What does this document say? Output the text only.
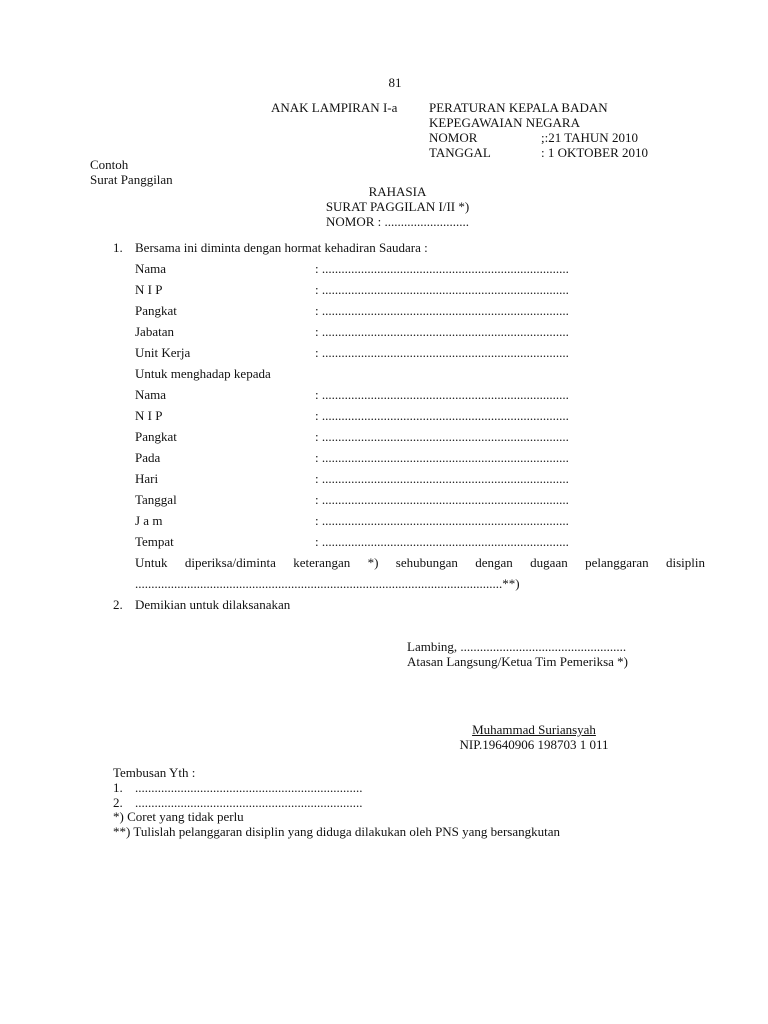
81
ANAK LAMPIRAN I-a PERATURAN KEPALA BADAN
KEPEGAWAIAN NEGARA
NOMOR	;:21 TAHUN 2010
TANGGAL	: 1 OKTOBER 2010
Contoh
Surat Panggilan
RAHASIA
SURAT PAGGILAN I/II *)
NOMOR : ..........................
1. Bersama ini diminta dengan hormat kehadiran Saudara :
Nama	: ............................................................................
N I P	: ............................................................................
Pangkat	: ............................................................................
Jabatan	: ............................................................................
Unit Kerja	: ............................................................................
Untuk menghadap kepada
Nama	: ............................................................................
N I P	: ............................................................................
Pangkat	: ............................................................................
Pada	: ............................................................................
Hari	: ............................................................................
Tanggal	: ............................................................................
J a m	: ............................................................................
Tempat	: ............................................................................
Untuk diperiksa/diminta keterangan *) sehubungan dengan dugaan pelanggaran disiplin
.................................................................................................................**)
2. Demikian untuk dilaksanakan
Lambing, ...................................................
Atasan Langsung/Ketua Tim Pemeriksa *)
Muhammad Suriansyah
NIP.19640906 198703 1 011
Tembusan Yth :
1. ......................................................................
2. ......................................................................
*) Coret yang tidak perlu
**) Tulislah pelanggaran disiplin yang diduga dilakukan oleh PNS yang bersangkutan
